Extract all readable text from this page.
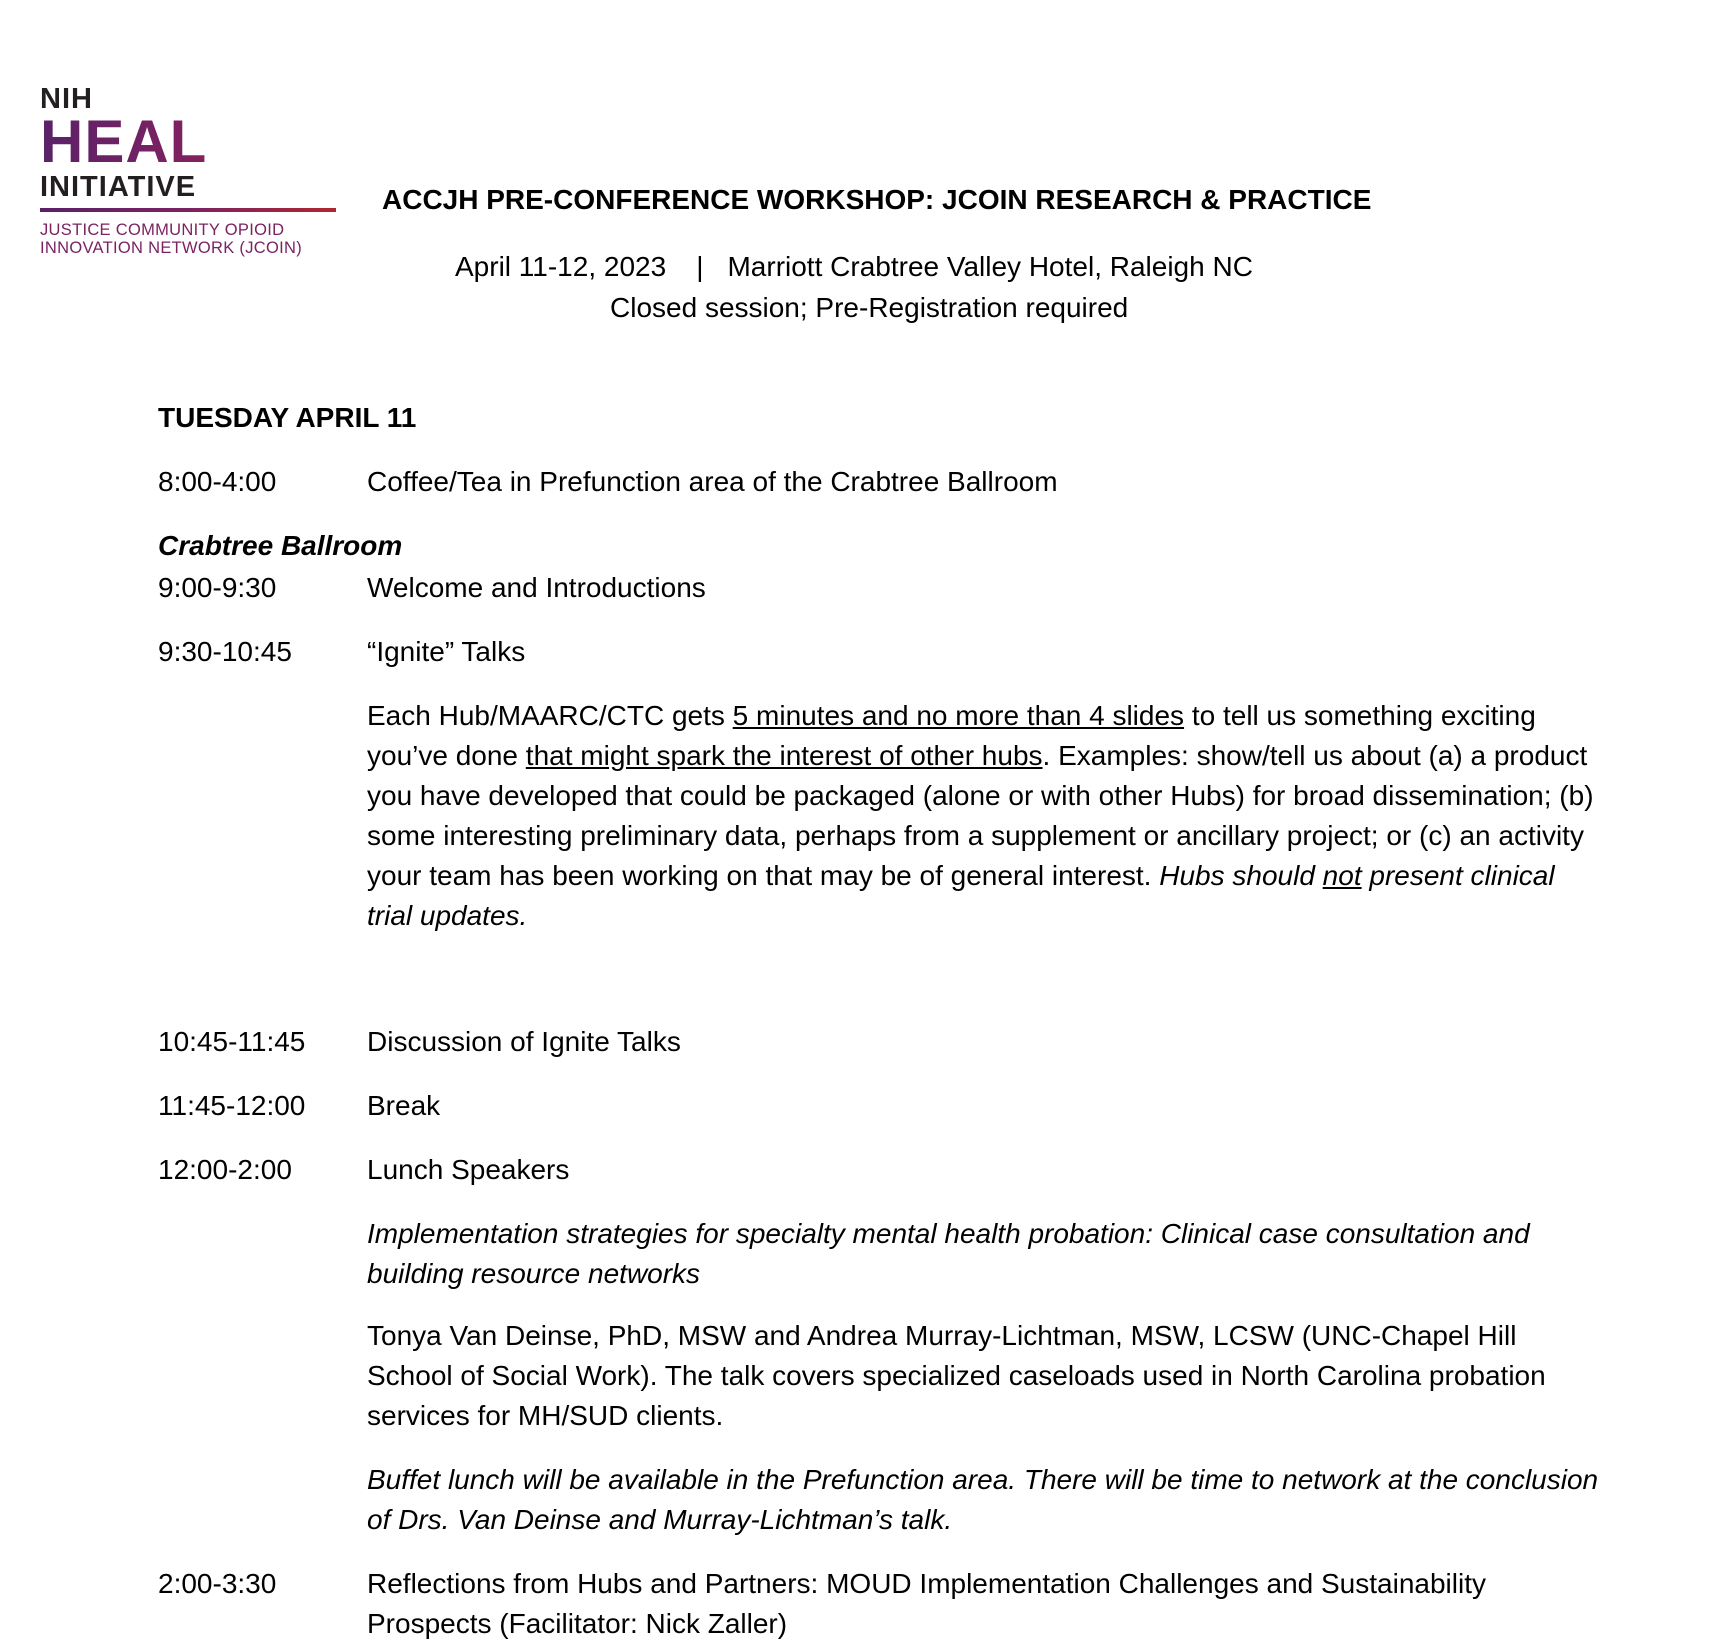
NIH
HEAL
INITIATIVE
JUSTICE COMMUNITY OPIOID
INNOVATION NETWORK (JCOIN)
ACCJH PRE-CONFERENCE WORKSHOP: JCOIN RESEARCH & PRACTICE
April 11-12, 2023 | Marriott Crabtree Valley Hotel, Raleigh NC
Closed session; Pre-Registration required
TUESDAY APRIL 11
8:00-4:00	Coffee/Tea in Prefunction area of the Crabtree Ballroom
Crabtree Ballroom
9:00-9:30	Welcome and Introductions
9:30-10:45	“Ignite” Talks
Each Hub/MAARC/CTC gets 5 minutes and no more than 4 slides to tell us something exciting you’ve done that might spark the interest of other hubs. Examples: show/tell us about (a) a product you have developed that could be packaged (alone or with other Hubs) for broad dissemination; (b) some interesting preliminary data, perhaps from a supplement or ancillary project; or (c) an activity your team has been working on that may be of general interest. Hubs should not present clinical trial updates.
10:45-11:45	Discussion of Ignite Talks
11:45-12:00	Break
12:00-2:00	Lunch Speakers
Implementation strategies for specialty mental health probation: Clinical case consultation and building resource networks
Tonya Van Deinse, PhD, MSW and Andrea Murray-Lichtman, MSW, LCSW (UNC-Chapel Hill School of Social Work). The talk covers specialized caseloads used in North Carolina probation services for MH/SUD clients.
Buffet lunch will be available in the Prefunction area. There will be time to network at the conclusion of Drs. Van Deinse and Murray-Lichtman’s talk.
2:00-3:30	Reflections from Hubs and Partners: MOUD Implementation Challenges and Sustainability Prospects (Facilitator: Nick Zaller)
